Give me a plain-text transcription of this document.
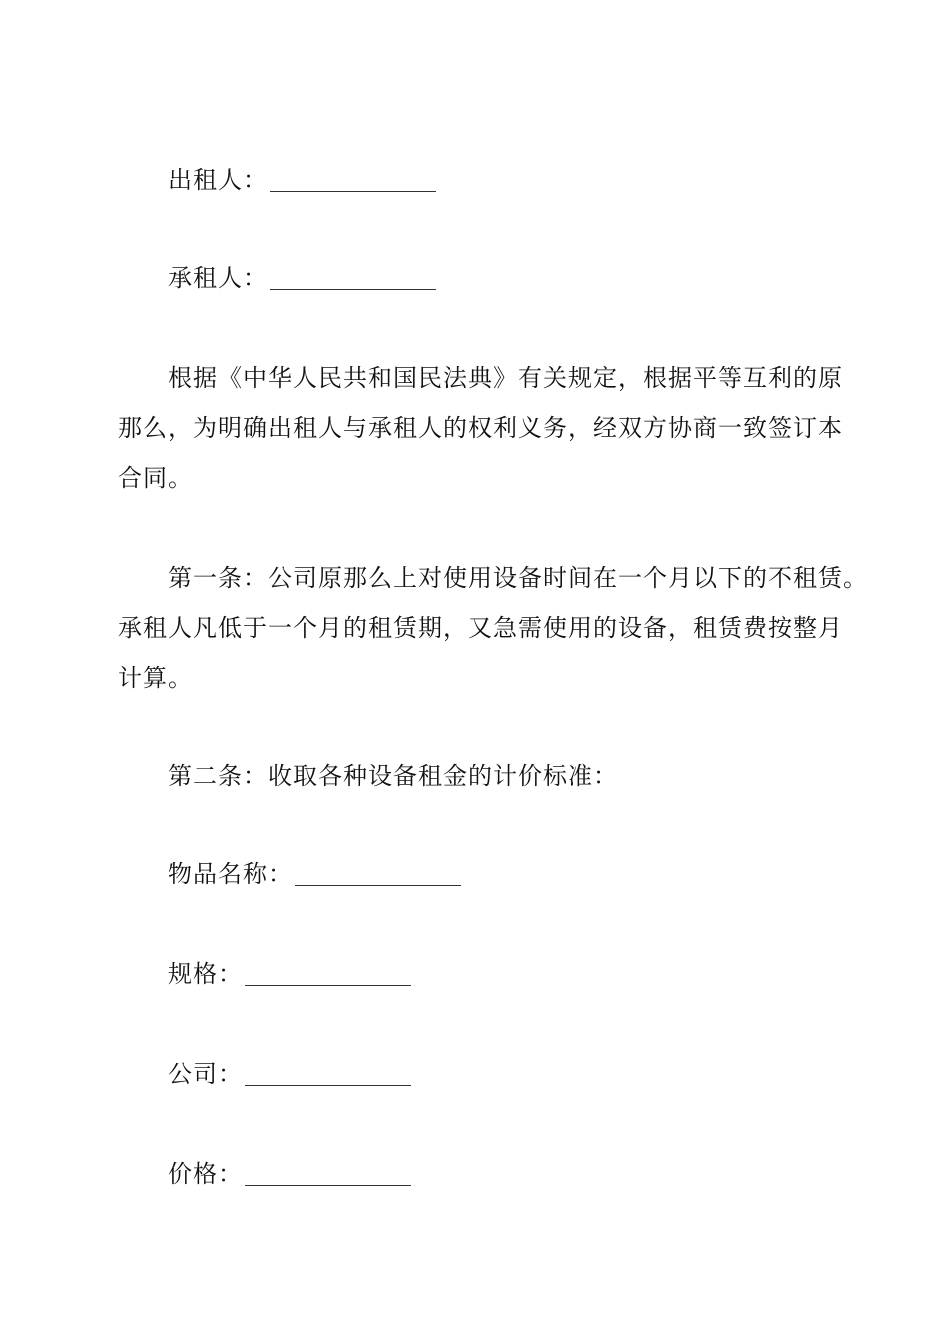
出租人：
承租人：
根据《中华人民共和国民法典》有关规定，根据平等互利的原
那么，为明确出租人与承租人的权利义务，经双方协商一致签订本
合同。
第一条：公司原那么上对使用设备时间在一个月以下的不租赁。
承租人凡低于一个月的租赁期，又急需使用的设备，租赁费按整月
计算。
第二条：收取各种设备租金的计价标准：
物品名称：
规格：
公司：
价格：
